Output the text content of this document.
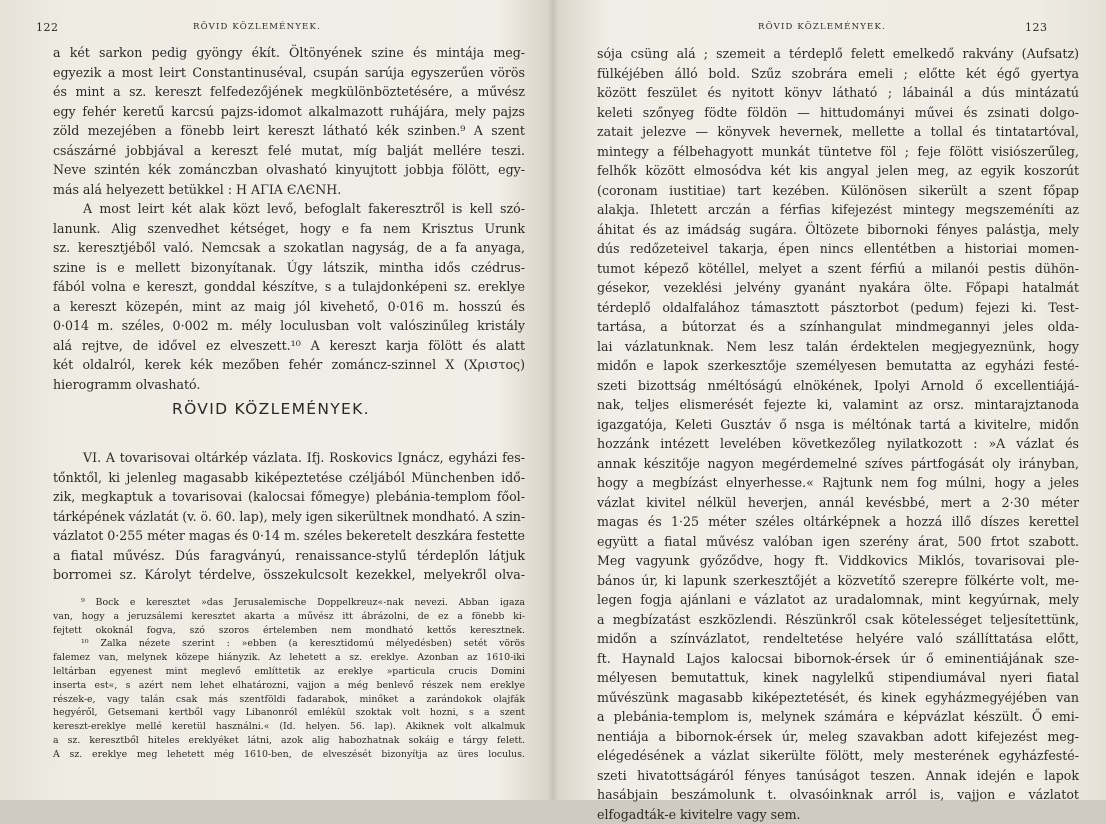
122	RÖVID KÖZLEMÉNYEK.
a két sarkon pedig gyöngy ékít. Öltönyének szine és mintája meg-
egyezik a most leirt Constantinuséval, csupán sarúja egyszerűen vörös
és mint a sz. kereszt felfedezőjének megkülönböztetésére, a művész
egy fehér keretű karcsú pajzs-idomot alkalmazott ruhájára, mely pajzs
zöld mezejében a fönebb leirt kereszt látható kék szinben.⁹ A szent
császárné jobbjával a kereszt felé mutat, míg balját mellére teszi.
Neve szintén kék zománczban olvasható kinyujtott jobbja fölött, egy-
más alá helyezett betükkel : Η ΑΓΙΑ ЄΛЄΝΗ.
A most leirt két alak közt levő, befoglalt fakeresztről is kell szó-
lanunk. Alig szenvedhet kétséget, hogy e fa nem Krisztus Urunk
sz. keresztjéből való. Nemcsak a szokatlan nagyság, de a fa anyaga,
szine is e mellett bizonyítanak. Úgy látszik, mintha idős czédrus-
fából volna e kereszt, gonddal készítve, s a tulajdonképeni sz. ereklye
a kereszt közepén, mint az maig jól kivehető, 0·016 m. hosszú és
0·014 m. széles, 0·002 m. mély loculusban volt valószinűleg kristály
alá rejtve, de idővel ez elveszett.¹⁰ A kereszt karja fölött és alatt
két oldalról, kerek kék mezőben fehér zománcz-szinnel X (Χριστος)
hierogramm olvasható.
RÖVID KÖZLEMÉNYEK.
VI. A tovarisovai oltárkép vázlata. Ifj. Roskovics Ignácz, egyházi fes-
tőnktől, ki jelenleg magasabb kiképeztetése czéljából Münchenben idő-
zik, megkaptuk a tovarisovai (kalocsai főmegye) plebánia-templom főol-
tárképének vázlatát (v. ö. 60. lap), mely igen sikerültnek mondható. A szin-
vázlatot 0·255 méter magas és 0·14 m. széles bekeretelt deszkára festette
a fiatal művész. Dús faragványú, renaissance-stylű térdeplőn látjuk
borromei sz. Károlyt térdelve, összekulcsolt kezekkel, melyekről olva-
⁹ Bock e keresztet »das Jerusalemische Doppelkreuz«-nak nevezi. Abban igaza
van, hogy a jeruzsálemi keresztet akarta a művész itt ábrázolni, de ez a fönebb ki-
fejtett okoknál fogva, szó szoros értelemben nem mondható kettős keresztnek.
¹⁰ Zalka nézete szerint : »ebben (a keresztidomú mélyedésben) setét vörös
falemez van, melynek közepe hiányzik. Az lehetett a sz. ereklye. Azonban az 1610-iki
leltárban egyenest mint meglevő említtetik az ereklye »particula crucis Domini
inserta est«, s azért nem lehet elhatározni, vajjon a még benlevő részek nem ereklye
részek-e, vagy talán csak más szentföldi fadarabok, minőket a zarándokok olajfák
hegyéről, Getsemani kertből vagy Libanonról emlékül szoktak volt hozni, s a szent
kereszt-ereklye mellé keretül használni.« (Id. helyen. 56. lap). Akiknek volt alkalmuk
a sz. keresztből hiteles ereklyéket látni, azok alig habozhatnak sokáig e tárgy felett.
A sz. ereklye meg lehetett még 1610-ben, de elveszését bizonyítja az üres loculus.
RÖVID KÖZLEMÉNYEK.	123
sója csüng alá ; szemeit a térdeplő felett emelkedő rakvány (Aufsatz)
fülkéjében álló bold. Szűz szobrára emeli ; előtte két égő gyertya
között feszület és nyitott könyv látható ; lábainál a dús mintázatú
keleti szőnyeg födte földön — hittudományi művei és zsinati dolgo-
zatait jelezve — könyvek hevernek, mellette a tollal és tintatartóval,
mintegy a félbehagyott munkát tüntetve föl ; feje fölött visiószerűleg,
felhők között elmosódva két kis angyal jelen meg, az egyik koszorút
(coronam iustitiae) tart kezében. Különösen sikerült a szent főpap
alakja. Ihletett arczán a férfias kifejezést mintegy megszeméníti az
áhitat és az imádság sugára. Öltözete bibornoki fényes palástja, mely
dús redőzeteivel takarja, épen nincs ellentétben a historiai momen-
tumot képező kötéllel, melyet a szent férfiú a milanói pestis dühön-
gésekor, vezeklési jelvény gyanánt nyakára ölte. Főpapi hatalmát
térdeplő oldalfalához támasztott pásztorbot (pedum) fejezi ki. Test-
tartása, a bútorzat és a színhangulat mindmegannyi jeles olda-
lai vázlatunknak. Nem lesz talán érdektelen megjegyeznünk, hogy
midőn e lapok szerkesztője személyesen bemutatta az egyházi festé-
szeti bizottság nméltóságú elnökének, Ipolyi Arnold ő excellentiájá-
nak, teljes elismerését fejezte ki, valamint az orsz. mintarajztanoda
igazgatója, Keleti Gusztáv ő nsga is méltónak tartá a kivitelre, midőn
hozzánk intézett levelében következőleg nyilatkozott : »A vázlat és
annak készitője nagyon megérdemelné szíves pártfogását oly irányban,
hogy a megbízást elnyerhesse.« Rajtunk nem fog múlni, hogy a jeles
vázlat kivitel nélkül heverjen, annál kevésbbé, mert a 2·30 méter
magas és 1·25 méter széles oltárképnek a hozzá illő díszes kerettel
együtt a fiatal művész valóban igen szerény árat, 500 frtot szabott.
Meg vagyunk győződve, hogy ft. Viddkovics Miklós, tovarisovai ple-
bános úr, ki lapunk szerkesztőjét a közvetítő szerepre fölkérte volt, me-
legen fogja ajánlani e vázlatot az uradalomnak, mint kegyúrnak, mely
a megbízatást eszközlendi. Részünkről csak kötelességet teljesítettünk,
midőn a színvázlatot, rendeltetése helyére való szállíttatása előtt,
ft. Haynald Lajos kalocsai bibornok-érsek úr ő eminentiájának sze-
mélyesen bemutattuk, kinek nagylelkű stipendiumával nyeri fiatal
művészünk magasabb kiképeztetését, és kinek egyházmegyéjében van
a plebánia-templom is, melynek számára e képvázlat készült. Ő emi-
nentiája a bibornok-érsek úr, meleg szavakban adott kifejezést meg-
elégedésének a vázlat sikerülte fölött, mely mesterének egyházfesté-
szeti hivatottságáról fényes tanúságot teszen. Annak idején e lapok
hasábjain beszámolunk t. olvasóinknak arról is, vajjon e vázlatot
elfogadták-e kivitelre vagy sem.
